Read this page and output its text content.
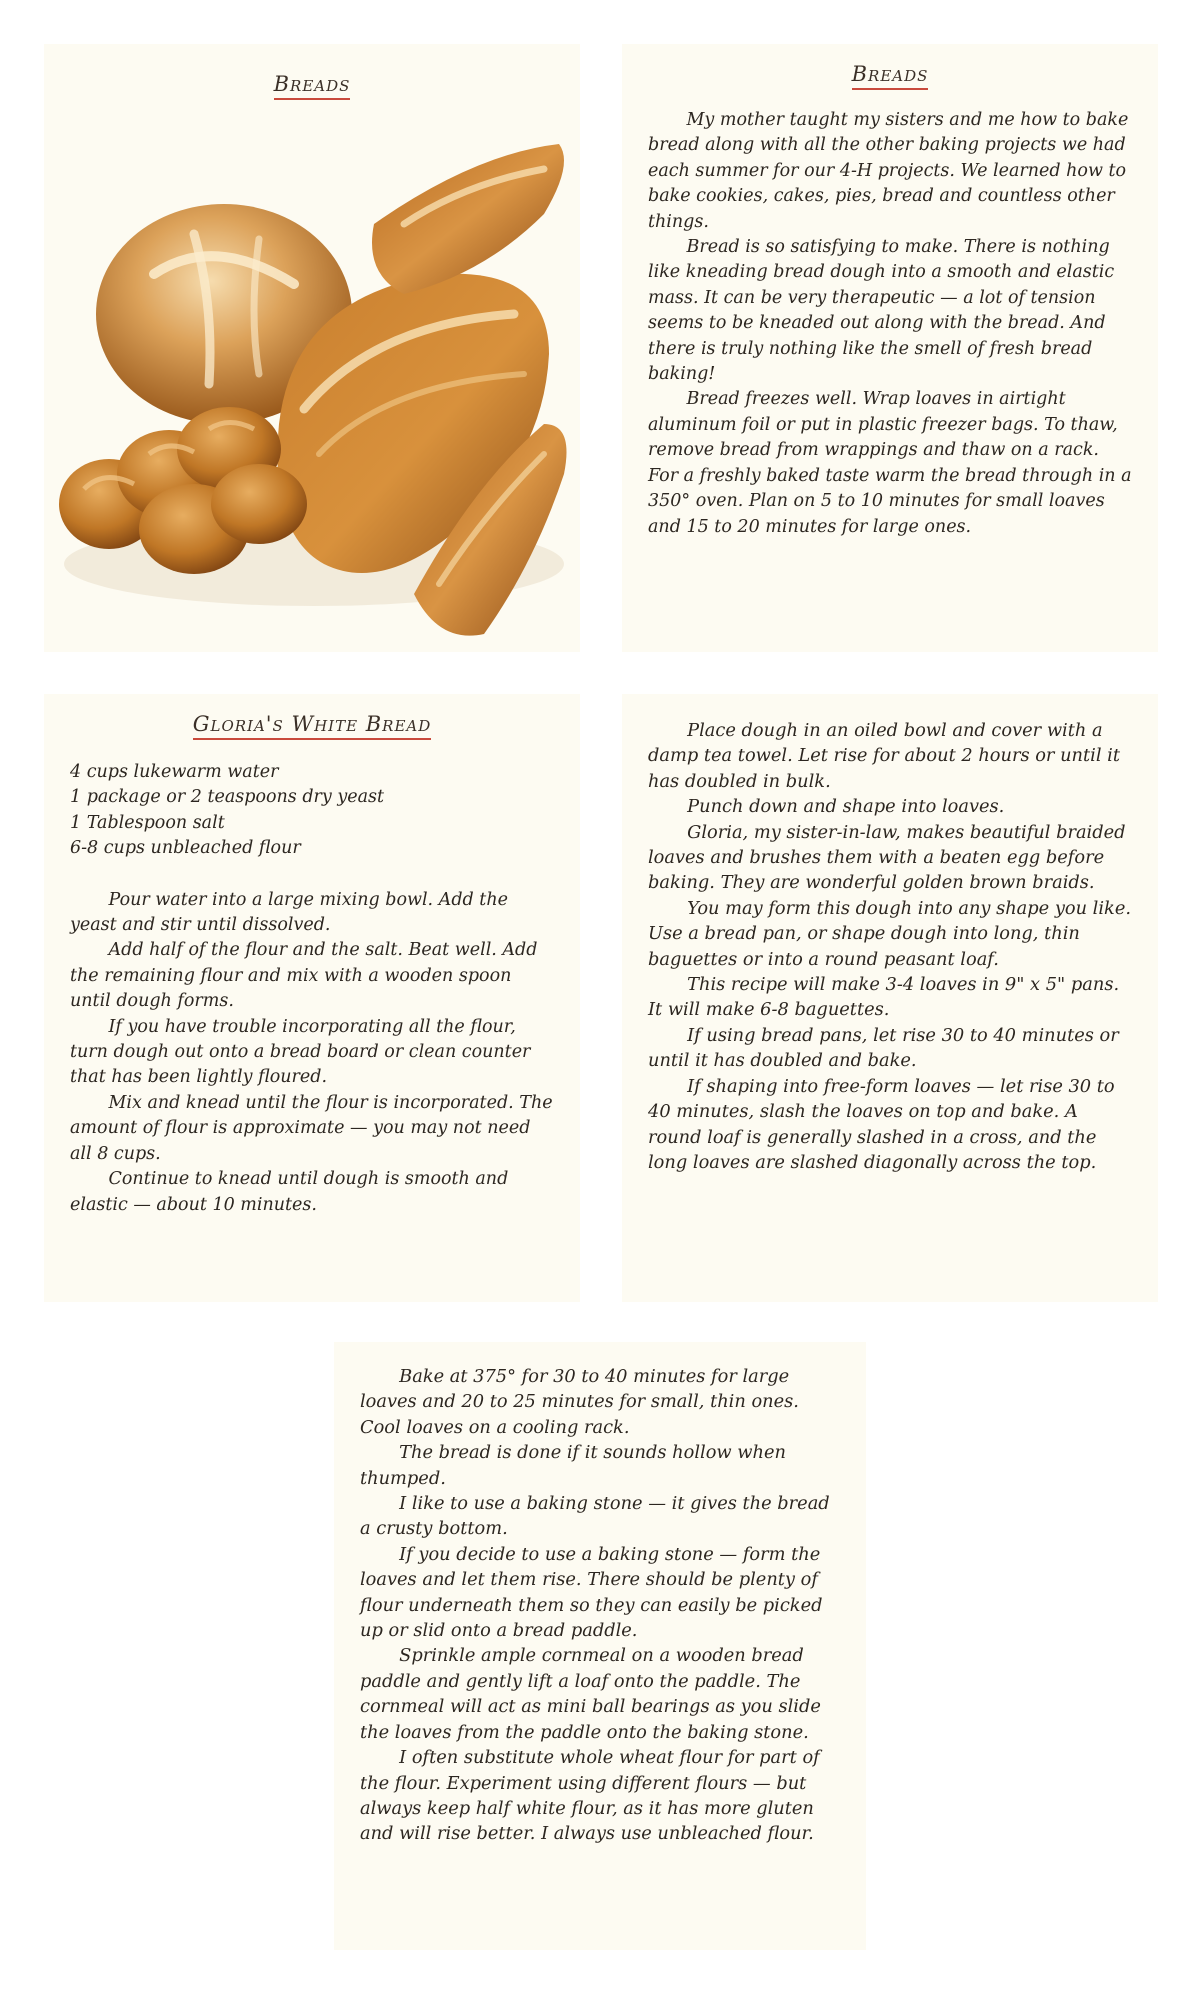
Breads	Breads

My mother taught my sisters and me how to bake bread along with all the other baking projects we had each summer for our 4-H projects. We learned how to bake cookies, cakes, pies, bread and countless other things.

Bread is so satisfying to make. There is nothing like kneading bread dough into a smooth and elastic mass. It can be very therapeutic — a lot of tension seems to be kneaded out along with the bread. And there is truly nothing like the smell of fresh bread baking!

Bread freezes well. Wrap loaves in airtight aluminum foil or put in plastic freezer bags. To thaw, remove bread from wrappings and thaw on a rack. For a freshly baked taste warm the bread through in a 350° oven. Plan on 5 to 10 minutes for small loaves and 15 to 20 minutes for large ones.

Gloria's White Bread
4 cups lukewarm water
1 package or 2 teaspoons dry yeast
1 Tablespoon salt
6-8 cups unbleached flour

Pour water into a large mixing bowl. Add the yeast and stir until dissolved.

Add half of the flour and the salt. Beat well. Add the remaining flour and mix with a wooden spoon until dough forms.

If you have trouble incorporating all the flour, turn dough out onto a bread board or clean counter that has been lightly floured.

Mix and knead until the flour is incorporated. The amount of flour is approximate — you may not need all 8 cups.

Continue to knead until dough is smooth and elastic — about 10 minutes.

Place dough in an oiled bowl and cover with a damp tea towel. Let rise for about 2 hours or until it has doubled in bulk.

Punch down and shape into loaves.

Gloria, my sister-in-law, makes beautiful braided loaves and brushes them with a beaten egg before baking. They are wonderful golden brown braids.

You may form this dough into any shape you like. Use a bread pan, or shape dough into long, thin baguettes or into a round peasant loaf.

This recipe will make 3-4 loaves in 9" x 5" pans. It will make 6-8 baguettes.

If using bread pans, let rise 30 to 40 minutes or until it has doubled and bake.

If shaping into free-form loaves — let rise 30 to 40 minutes, slash the loaves on top and bake. A round loaf is generally slashed in a cross, and the long loaves are slashed diagonally across the top.

Bake at 375° for 30 to 40 minutes for large loaves and 20 to 25 minutes for small, thin ones. Cool loaves on a cooling rack.

The bread is done if it sounds hollow when thumped.

I like to use a baking stone — it gives the bread a crusty bottom.

If you decide to use a baking stone — form the loaves and let them rise. There should be plenty of flour underneath them so they can easily be picked up or slid onto a bread paddle.

Sprinkle ample cornmeal on a wooden bread paddle and gently lift a loaf onto the paddle. The cornmeal will act as mini ball bearings as you slide the loaves from the paddle onto the baking stone.

I often substitute whole wheat flour for part of the flour. Experiment using different flours — but always keep half white flour, as it has more gluten and will rise better. I always use unbleached flour.
